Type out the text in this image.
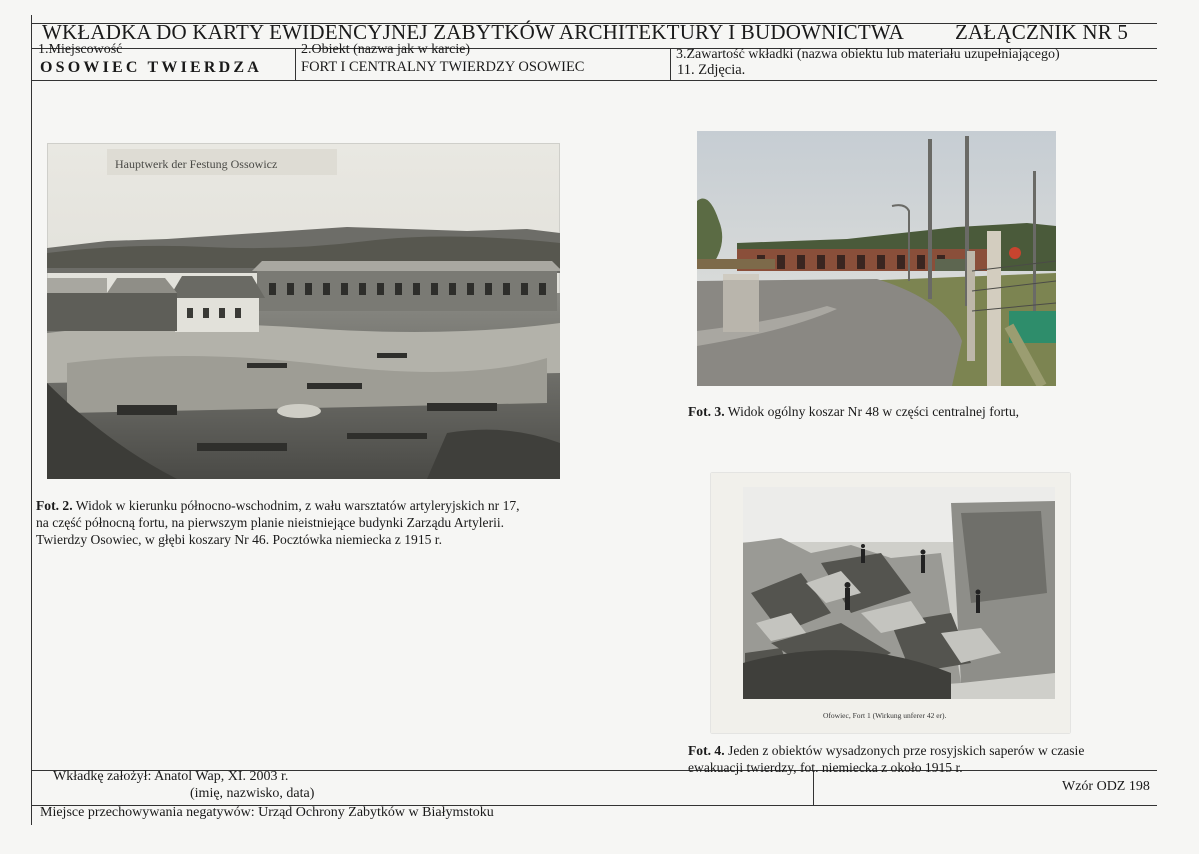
WKŁADKA DO KARTY EWIDENCYJNEJ ZABYTKÓW ARCHITEKTURY I BUDOWNICTWA ZAŁĄCZNIK NR 5
1.Miejscowość
OSOWIEC TWIERDZA
2.Obiekt (nazwa jak w karcie)
FORT I CENTRALNY TWIERDZY OSOWIEC
3.Zawartość wkładki (nazwa obiektu lub materiału uzupełniającego)
11. Zdjęcia.
Hauptwerk der Festung Ossowicz
Ofowiec, Fort 1 (Wirkung unferer 42 er).
Fot. 2. Widok w kierunku północno-wschodnim, z wału warsztatów artyleryjskich nr 17,
na część północną fortu, na pierwszym planie nieistniejące budynki Zarządu Artylerii.
Twierdzy Osowiec, w głębi koszary Nr 46. Pocztówka niemiecka z 1915 r.
Fot. 3. Widok ogólny koszar Nr 48 w części centralnej fortu,
Fot. 4. Jeden z obiektów wysadzonych prze rosyjskich saperów w czasie
ewakuacji twierdzy, fot. niemiecka z około 1915 r.
Wkładkę założył: Anatol Wap, XI. 2003 r.
(imię, nazwisko, data)	Wzór ODZ 198
Miejsce przechowywania negatywów: Urząd Ochrony Zabytków w Białymstoku
